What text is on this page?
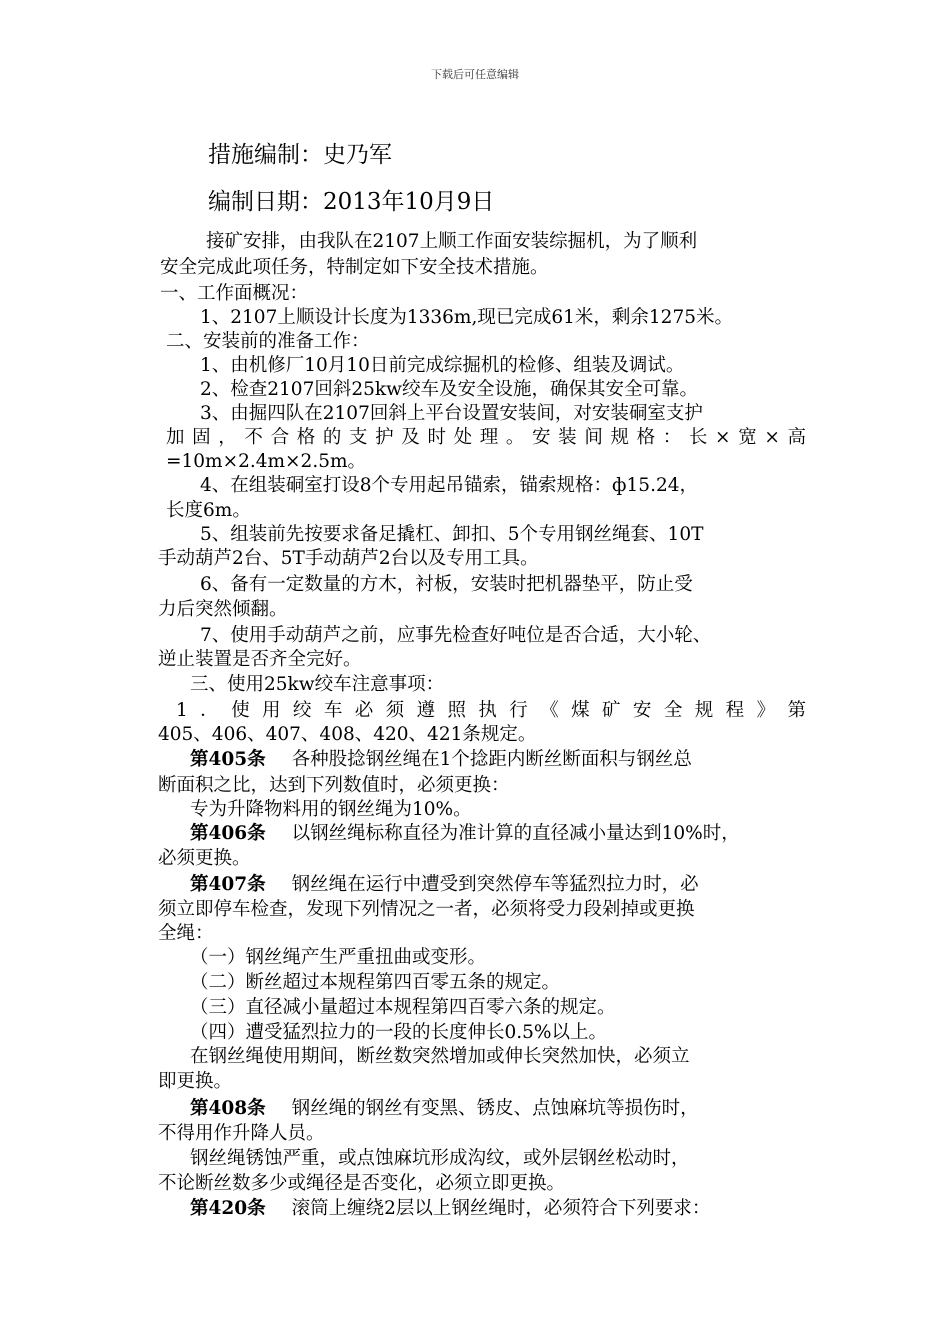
下载后可任意编辑
措施编制：史乃军
编制日期：2013年10月9日
接矿安排，由我队在2107上顺工作面安装综掘机，为了顺利
安全完成此项任务，特制定如下安全技术措施。
一、工作面概况：
1、2107上顺设计长度为1336m,现已完成61米，剩余1275米。
二、安装前的准备工作：
1、由机修厂10月10日前完成综掘机的检修、组装及调试。
2、检查2107回斜25kw绞车及安全设施，确保其安全可靠。
3、由掘四队在2107回斜上平台设置安装间，对安装硐室支护
加固，不合格的支护及时处理。安装间规格：长×宽×高
=10m×2.4m×2.5m。
4、在组装硐室打设8个专用起吊锚索，锚索规格：ф15.24，
长度6m。
5、组装前先按要求备足撬杠、卸扣、5个专用钢丝绳套、10T
手动葫芦2台、5T手动葫芦2台以及专用工具。
6、备有一定数量的方木，衬板，安装时把机器垫平，防止受
力后突然倾翻。
7、使用手动葫芦之前，应事先检查好吨位是否合适，大小轮、
逆止装置是否齐全完好。
三、使用25kw绞车注意事项：
1．使用绞车必须遵照执行《煤矿安全规程》第
405、406、407、408、420、421条规定。
第405条 各种股捻钢丝绳在1个捻距内断丝断面积与钢丝总
断面积之比，达到下列数值时，必须更换：
专为升降物料用的钢丝绳为10%。
第406条 以钢丝绳标称直径为准计算的直径减小量达到10%时，
必须更换。
第407条 钢丝绳在运行中遭受到突然停车等猛烈拉力时，必
须立即停车检查，发现下列情况之一者，必须将受力段剁掉或更换
全绳：
（一）钢丝绳产生严重扭曲或变形。
（二）断丝超过本规程第四百零五条的规定。
（三）直径减小量超过本规程第四百零六条的规定。
（四）遭受猛烈拉力的一段的长度伸长0.5%以上。
在钢丝绳使用期间，断丝数突然增加或伸长突然加快，必须立
即更换。
第408条 钢丝绳的钢丝有变黑、锈皮、点蚀麻坑等损伤时，
不得用作升降人员。
钢丝绳锈蚀严重，或点蚀麻坑形成沟纹，或外层钢丝松动时，
不论断丝数多少或绳径是否变化，必须立即更换。
第420条 滚筒上缠绕2层以上钢丝绳时，必须符合下列要求：
